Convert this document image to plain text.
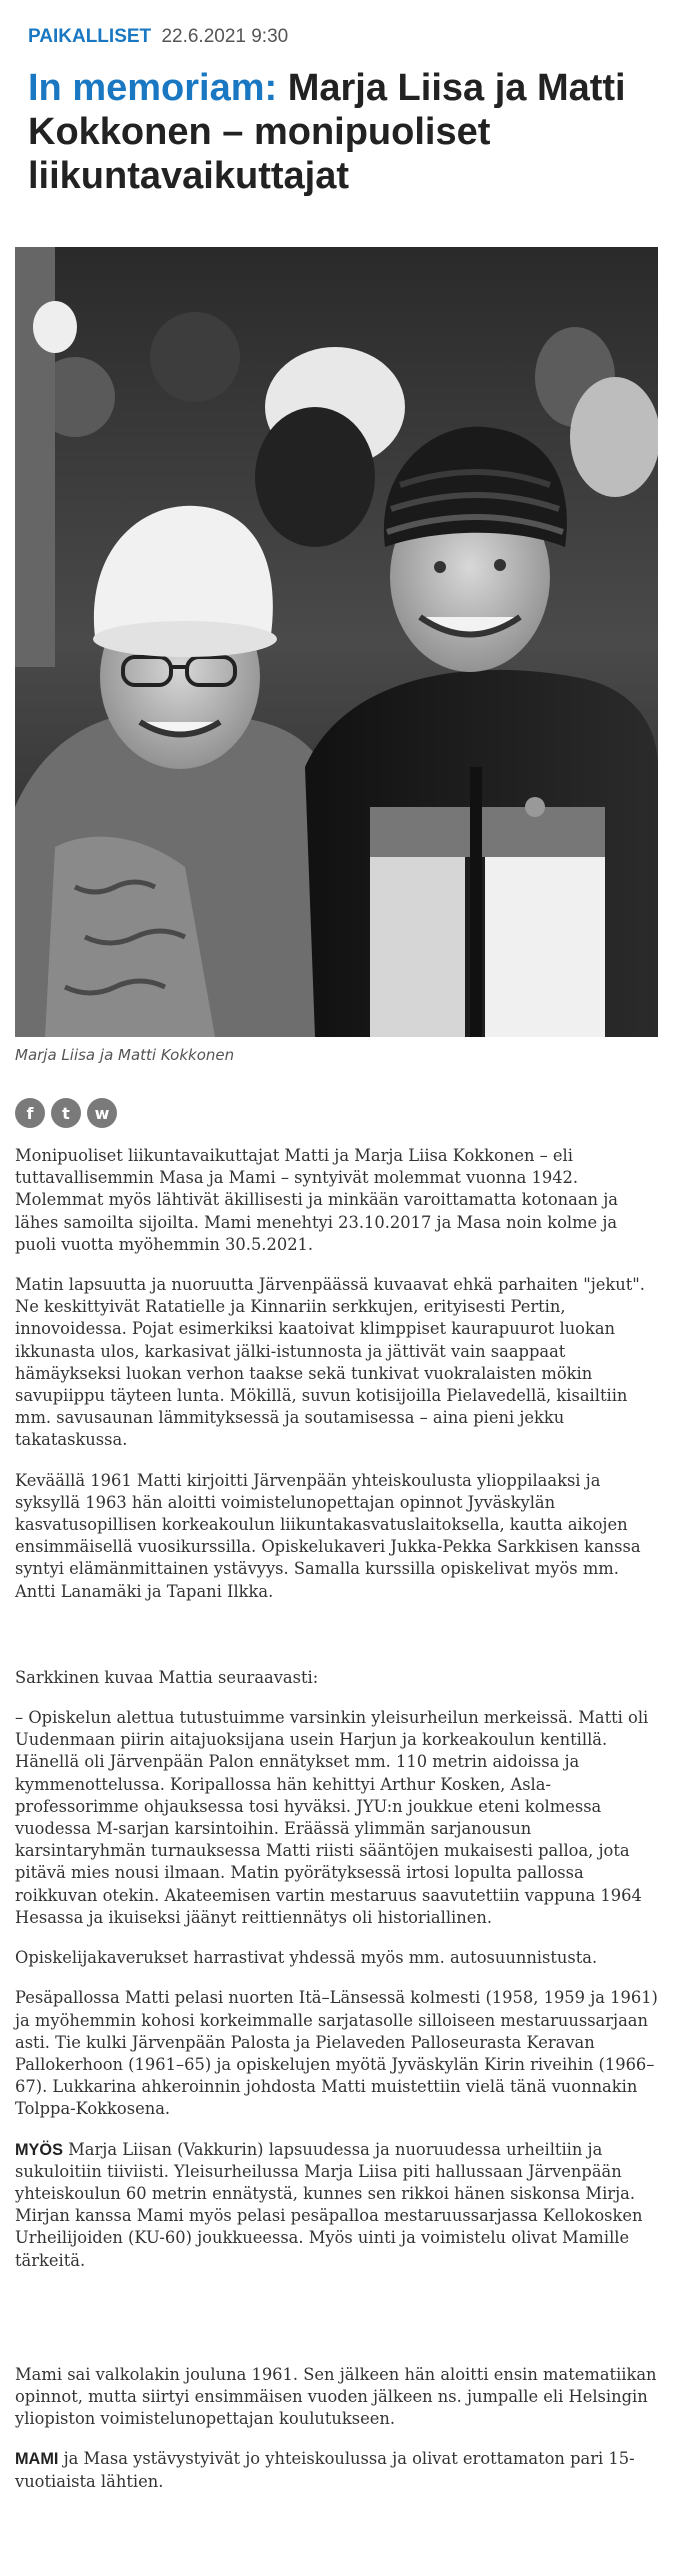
PAIKALLISET 22.6.2021 9:30
In memoriam: Marja Liisa ja Matti Kokkonen – monipuoliset liikuntavaikuttajat
Marja Liisa ja Matti Kokkonen
f t w

Monipuoliset liikuntavaikuttajat Matti ja Marja Liisa Kokkonen – eli tuttavallisemmin Masa ja Mami – syntyivät molemmat vuonna 1942. Molemmat myös lähtivät äkillisesti ja minkään varoittamatta kotonaan ja lähes samoilta sijoilta. Mami menehtyi 23.10.2017 ja Masa noin kolme ja puoli vuotta myöhemmin 30.5.2021.

Matin lapsuutta ja nuoruutta Järvenpäässä kuvaavat ehkä parhaiten "jekut". Ne keskittyivät Ratatielle ja Kinnariin serkkujen, erityisesti Pertin, innovoidessa. Pojat esimerkiksi kaatoivat klimppiset kaurapuurot luokan ikkunasta ulos, karkasivat jälki-istunnosta ja jättivät vain saappaat hämäykseksi luokan verhon taakse sekä tunkivat vuokralaisten mökin savupiippu täyteen lunta. Mökillä, suvun kotisijoilla Pielavedellä, kisailtiin mm. savusaunan lämmityksessä ja soutamisessa – aina pieni jekku takataskussa.

Keväällä 1961 Matti kirjoitti Järvenpään yhteiskoulusta ylioppilaaksi ja syksyllä 1963 hän aloitti voimistelunopettajan opinnot Jyväskylän kasvatusopillisen korkeakoulun liikuntakasvatuslaitoksella, kautta aikojen ensimmäisellä vuosikurssilla. Opiskelukaveri Jukka-Pekka Sarkkisen kanssa syntyi elämänmittainen ystävyys. Samalla kurssilla opiskelivat myös mm. Antti Lanamäki ja Tapani Ilkka.

Sarkkinen kuvaa Mattia seuraavasti:

– Opiskelun alettua tutustuimme varsinkin yleisurheilun merkeissä. Matti oli Uudenmaan piirin aitajuoksijana usein Harjun ja korkeakoulun kentillä. Hänellä oli Järvenpään Palon ennätykset mm. 110 metrin aidoissa ja kymmenottelussa. Koripallossa hän kehittyi Arthur Kosken, Asla-professorimme ohjauksessa tosi hyväksi. JYU:n joukkue eteni kolmessa vuodessa M-sarjan karsintoihin. Eräässä ylimmän sarjanousun karsintaryhmän turnauksessa Matti riisti sääntöjen mukaisesti palloa, jota pitävä mies nousi ilmaan. Matin pyörätyksessä irtosi lopulta pallossa roikkuvan otekin. Akateemisen vartin mestaruus saavutettiin vappuna 1964 Hesassa ja ikuiseksi jäänyt reittiennätys oli historiallinen.

Opiskelijakaverukset harrastivat yhdessä myös mm. autosuunnistusta.

Pesäpallossa Matti pelasi nuorten Itä–Länsessä kolmesti (1958, 1959 ja 1961) ja myöhemmin kohosi korkeimmalle sarjatasolle silloiseen mestaruussarjaan asti. Tie kulki Järvenpään Palosta ja Pielaveden Palloseurasta Keravan Pallokerhoon (1961–65) ja opiskelujen myötä Jyväskylän Kirin riveihin (1966–67). Lukkarina ahkeroinnin johdosta Matti muistettiin vielä tänä vuonnakin Tolppa-Kokkosena.

MYÖS Marja Liisan (Vakkurin) lapsuudessa ja nuoruudessa urheiltiin ja sukuloitiin tiiviisti. Yleisurheilussa Marja Liisa piti hallussaan Järvenpään yhteiskoulun 60 metrin ennätystä, kunnes sen rikkoi hänen siskonsa Mirja. Mirjan kanssa Mami myös pelasi pesäpalloa mestaruussarjassa Kellokosken Urheilijoiden (KU-60) joukkueessa. Myös uinti ja voimistelu olivat Mamille tärkeitä.

Mami sai valkolakin jouluna 1961. Sen jälkeen hän aloitti ensin matematiikan opinnot, mutta siirtyi ensimmäisen vuoden jälkeen ns. jumpalle eli Helsingin yliopiston voimistelunopettajan koulutukseen.

MAMI ja Masa ystävystyivät jo yhteiskoulussa ja olivat erottamaton pari 15-vuotiaista lähtien.
